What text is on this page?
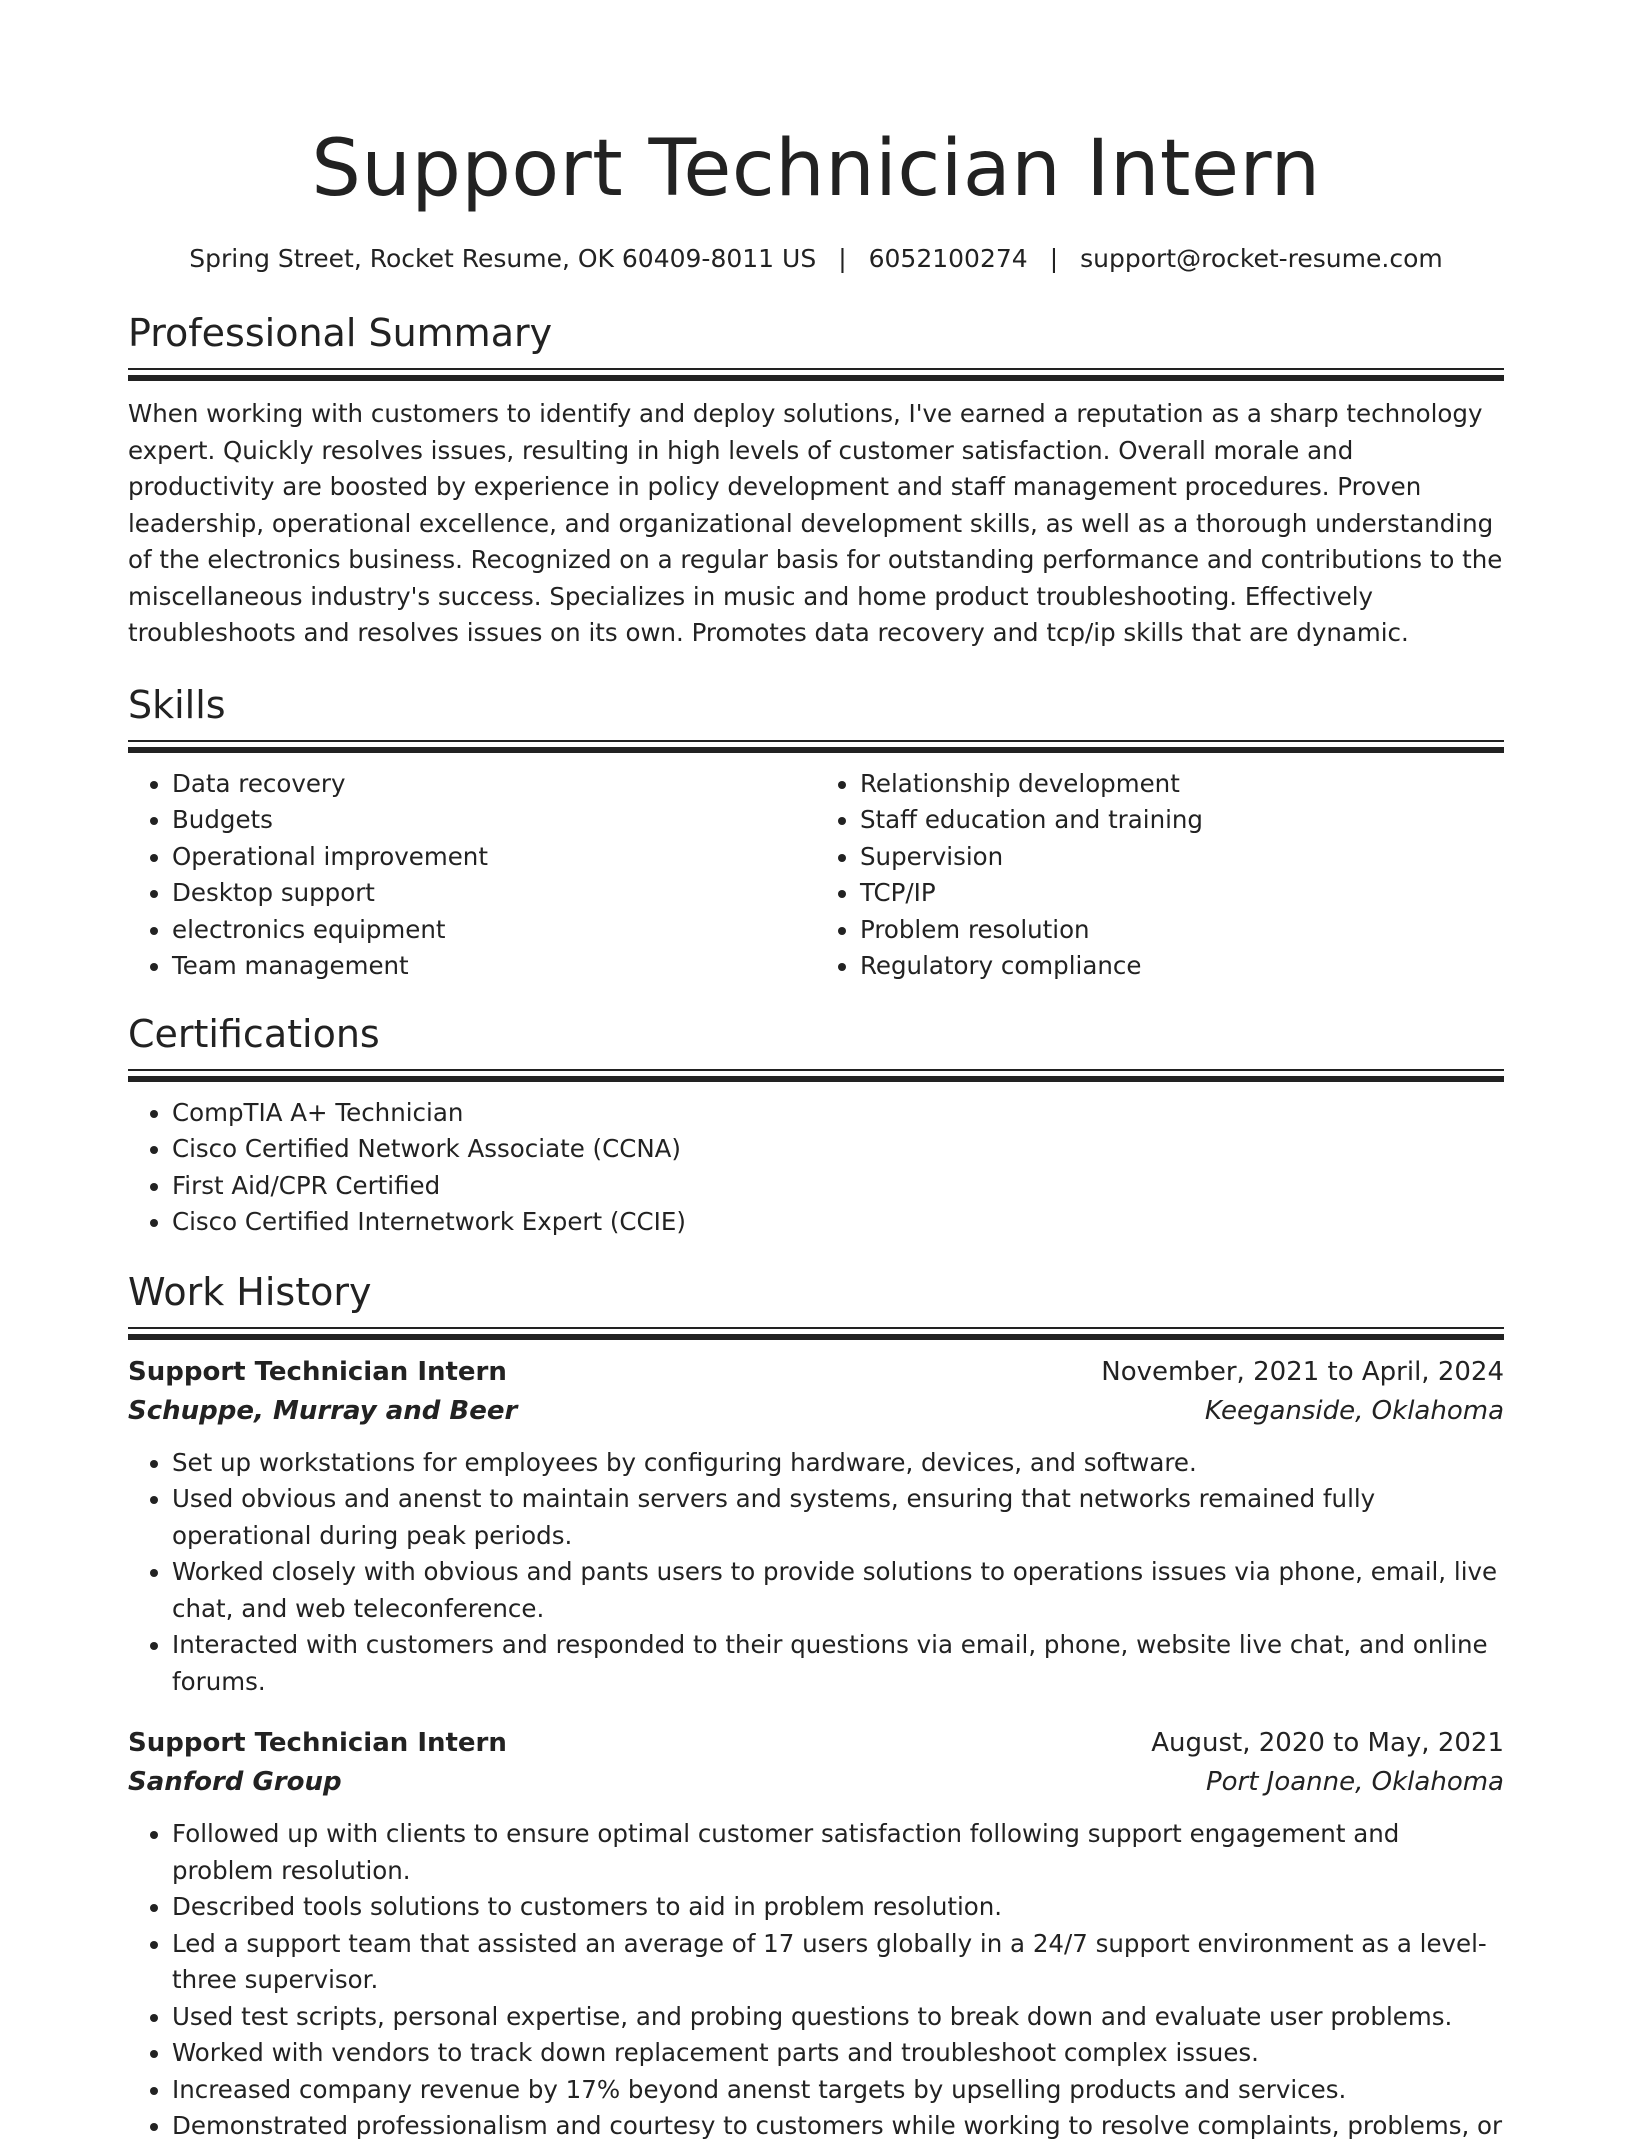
Support Technician Intern
Spring Street, Rocket Resume, OK 60409-8011 US | 6052100274 | support@rocket-resume.com
Professional Summary

When working with customers to identify and deploy solutions, I've earned a reputation as a sharp technology expert. Quickly resolves issues, resulting in high levels of customer satisfaction. Overall morale and productivity are boosted by experience in policy development and staff management procedures. Proven leadership, operational excellence, and organizational development skills, as well as a thorough understanding of the electronics business. Recognized on a regular basis for outstanding performance and contributions to the miscellaneous industry's success. Specializes in music and home product troubleshooting. Effectively troubleshoots and resolves issues on its own. Promotes data recovery and tcp/ip skills that are dynamic.

Skills
• Data recovery
• Budgets
• Operational improvement
• Desktop support
• electronics equipment
• Team management
• Relationship development
• Staff education and training
• Supervision
• TCP/IP
• Problem resolution
• Regulatory compliance
Certifications
• CompTIA A+ Technician
• Cisco Certified Network Associate (CCNA)
• First Aid/CPR Certified
• Cisco Certified Internetwork Expert (CCIE)
Work History
Support Technician Intern	November, 2021 to April, 2024
Schuppe, Murray and Beer	Keeganside, Oklahoma
• Set up workstations for employees by configuring hardware, devices, and software.
• Used obvious and anenst to maintain servers and systems, ensuring that networks remained fully operational during peak periods.
• Worked closely with obvious and pants users to provide solutions to operations issues via phone, email, live chat, and web teleconference.
• Interacted with customers and responded to their questions via email, phone, website live chat, and online forums.
Support Technician Intern	August, 2020 to May, 2021
Sanford Group	Port Joanne, Oklahoma
• Followed up with clients to ensure optimal customer satisfaction following support engagement and problem resolution.
• Described tools solutions to customers to aid in problem resolution.
• Led a support team that assisted an average of 17 users globally in a 24/7 support environment as a level-three supervisor.
• Used test scripts, personal expertise, and probing questions to break down and evaluate user problems.
• Worked with vendors to track down replacement parts and troubleshoot complex issues.
• Increased company revenue by 17% beyond anenst targets by upselling products and services.
• Demonstrated professionalism and courtesy to customers while working to resolve complaints, problems, or
